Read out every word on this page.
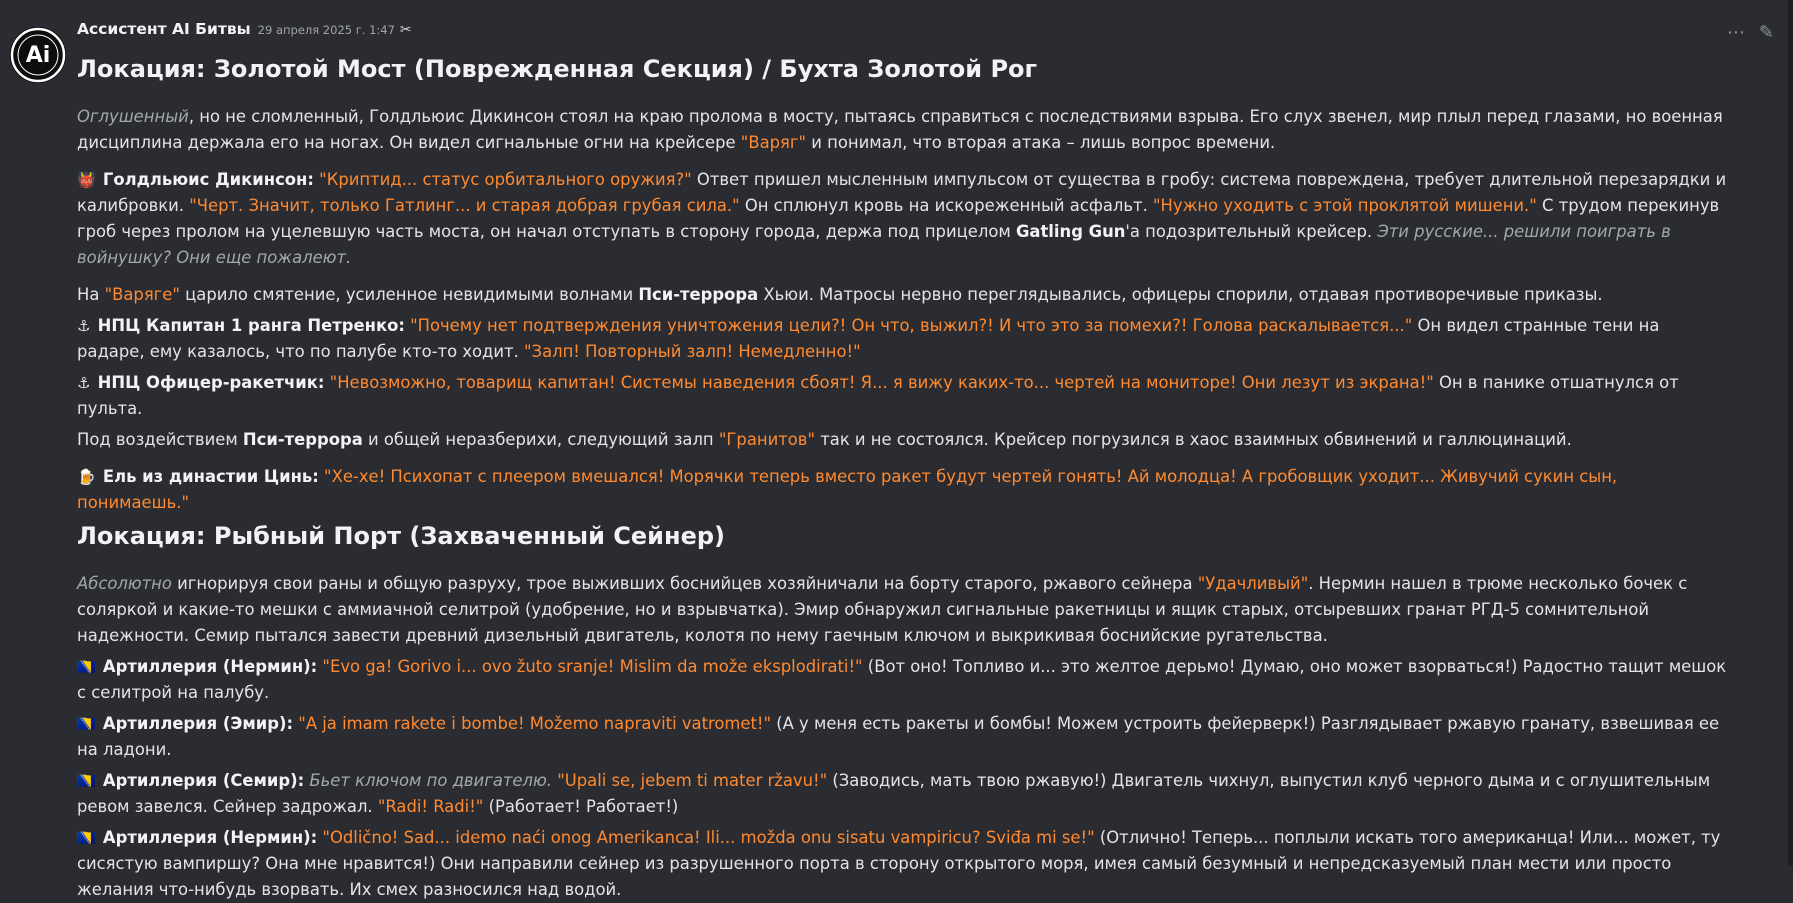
Ai
Ассистент AI Битвы 29 апреля 2025 г. 1:47 ✂	⋯ ✎
Локация: Золотой Мост (Поврежденная Секция) / Бухта Золотой Рог

Оглушенный, но не сломленный, Голдльюис Дикинсон стоял на краю пролома в мосту, пытаясь справиться с последствиями взрыва. Его слух звенел, мир плыл перед глазами, но военная дисциплина держала его на ногах. Он видел сигнальные огни на крейсере "Варяг" и понимал, что вторая атака – лишь вопрос времени.

👹 Голдльюис Дикинсон: "Криптид... статус орбитального оружия?" Ответ пришел мысленным импульсом от существа в гробу: система повреждена, требует длительной перезарядки и калибровки. "Черт. Значит, только Гатлинг... и старая добрая грубая сила." Он сплюнул кровь на искореженный асфальт. "Нужно уходить с этой проклятой мишени." С трудом перекинув гроб через пролом на уцелевшую часть моста, он начал отступать в сторону города, держа под прицелом Gatling Gun'а подозрительный крейсер. Эти русские... решили поиграть в войнушку? Они еще пожалеют.

На "Варяге" царило смятение, усиленное невидимыми волнами Пси-террора Хьюи. Матросы нервно переглядывались, офицеры спорили, отдавая противоречивые приказы.

⚓ НПЦ Капитан 1 ранга Петренко: "Почему нет подтверждения уничтожения цели?! Он что, выжил?! И что это за помехи?! Голова раскалывается..." Он видел странные тени на радаре, ему казалось, что по палубе кто-то ходит. "Залп! Повторный залп! Немедленно!"

⚓ НПЦ Офицер-ракетчик: "Невозможно, товарищ капитан! Системы наведения сбоят! Я... я вижу каких-то... чертей на мониторе! Они лезут из экрана!" Он в панике отшатнулся от пульта.

Под воздействием Пси-террора и общей неразберихи, следующий залп "Гранитов" так и не состоялся. Крейсер погрузился в хаос взаимных обвинений и галлюцинаций.

🍺 Ель из династии Цинь: "Хе-хе! Психопат с плеером вмешался! Морячки теперь вместо ракет будут чертей гонять! Ай молодца! А гробовщик уходит... Живучий сукин сын, понимаешь."

Локация: Рыбный Порт (Захваченный Сейнер)

Абсолютно игнорируя свои раны и общую разруху, трое выживших боснийцев хозяйничали на борту старого, ржавого сейнера "Удачливый". Нермин нашел в трюме несколько бочек с соляркой и какие-то мешки с аммиачной селитрой (удобрение, но и взрывчатка). Эмир обнаружил сигнальные ракетницы и ящик старых, отсыревших гранат РГД-5 сомнительной надежности. Семир пытался завести древний дизельный двигатель, колотя по нему гаечным ключом и выкрикивая боснийские ругательства.

🇧🇦 Артиллерия (Нермин): "Evo ga! Gorivo i... ovo žuto sranje! Mislim da može eksplodirati!" (Вот оно! Топливо и... это желтое дерьмо! Думаю, оно может взорваться!) Радостно тащит мешок с селитрой на палубу.

🇧🇦 Артиллерия (Эмир): "A ja imam rakete i bombe! Možemo napraviti vatromet!" (А у меня есть ракеты и бомбы! Можем устроить фейерверк!) Разглядывает ржавую гранату, взвешивая ее на ладони.

🇧🇦 Артиллерия (Семир): Бьет ключом по двигателю. "Upali se, jebem ti mater ržavu!" (Заводись, мать твою ржавую!) Двигатель чихнул, выпустил клуб черного дыма и с оглушительным ревом завелся. Сейнер задрожал. "Radi! Radi!" (Работает! Работает!)

🇧🇦 Артиллерия (Нермин): "Odlično! Sad... idemo naći onog Amerikanca! Ili... možda onu sisatu vampiricu? Sviđa mi se!" (Отлично! Теперь... поплыли искать того американца! Или... может, ту сисястую вампиршу? Она мне нравится!) Они направили сейнер из разрушенного порта в сторону открытого моря, имея самый безумный и непредсказуемый план мести или просто желания что-нибудь взорвать. Их смех разносился над водой.
